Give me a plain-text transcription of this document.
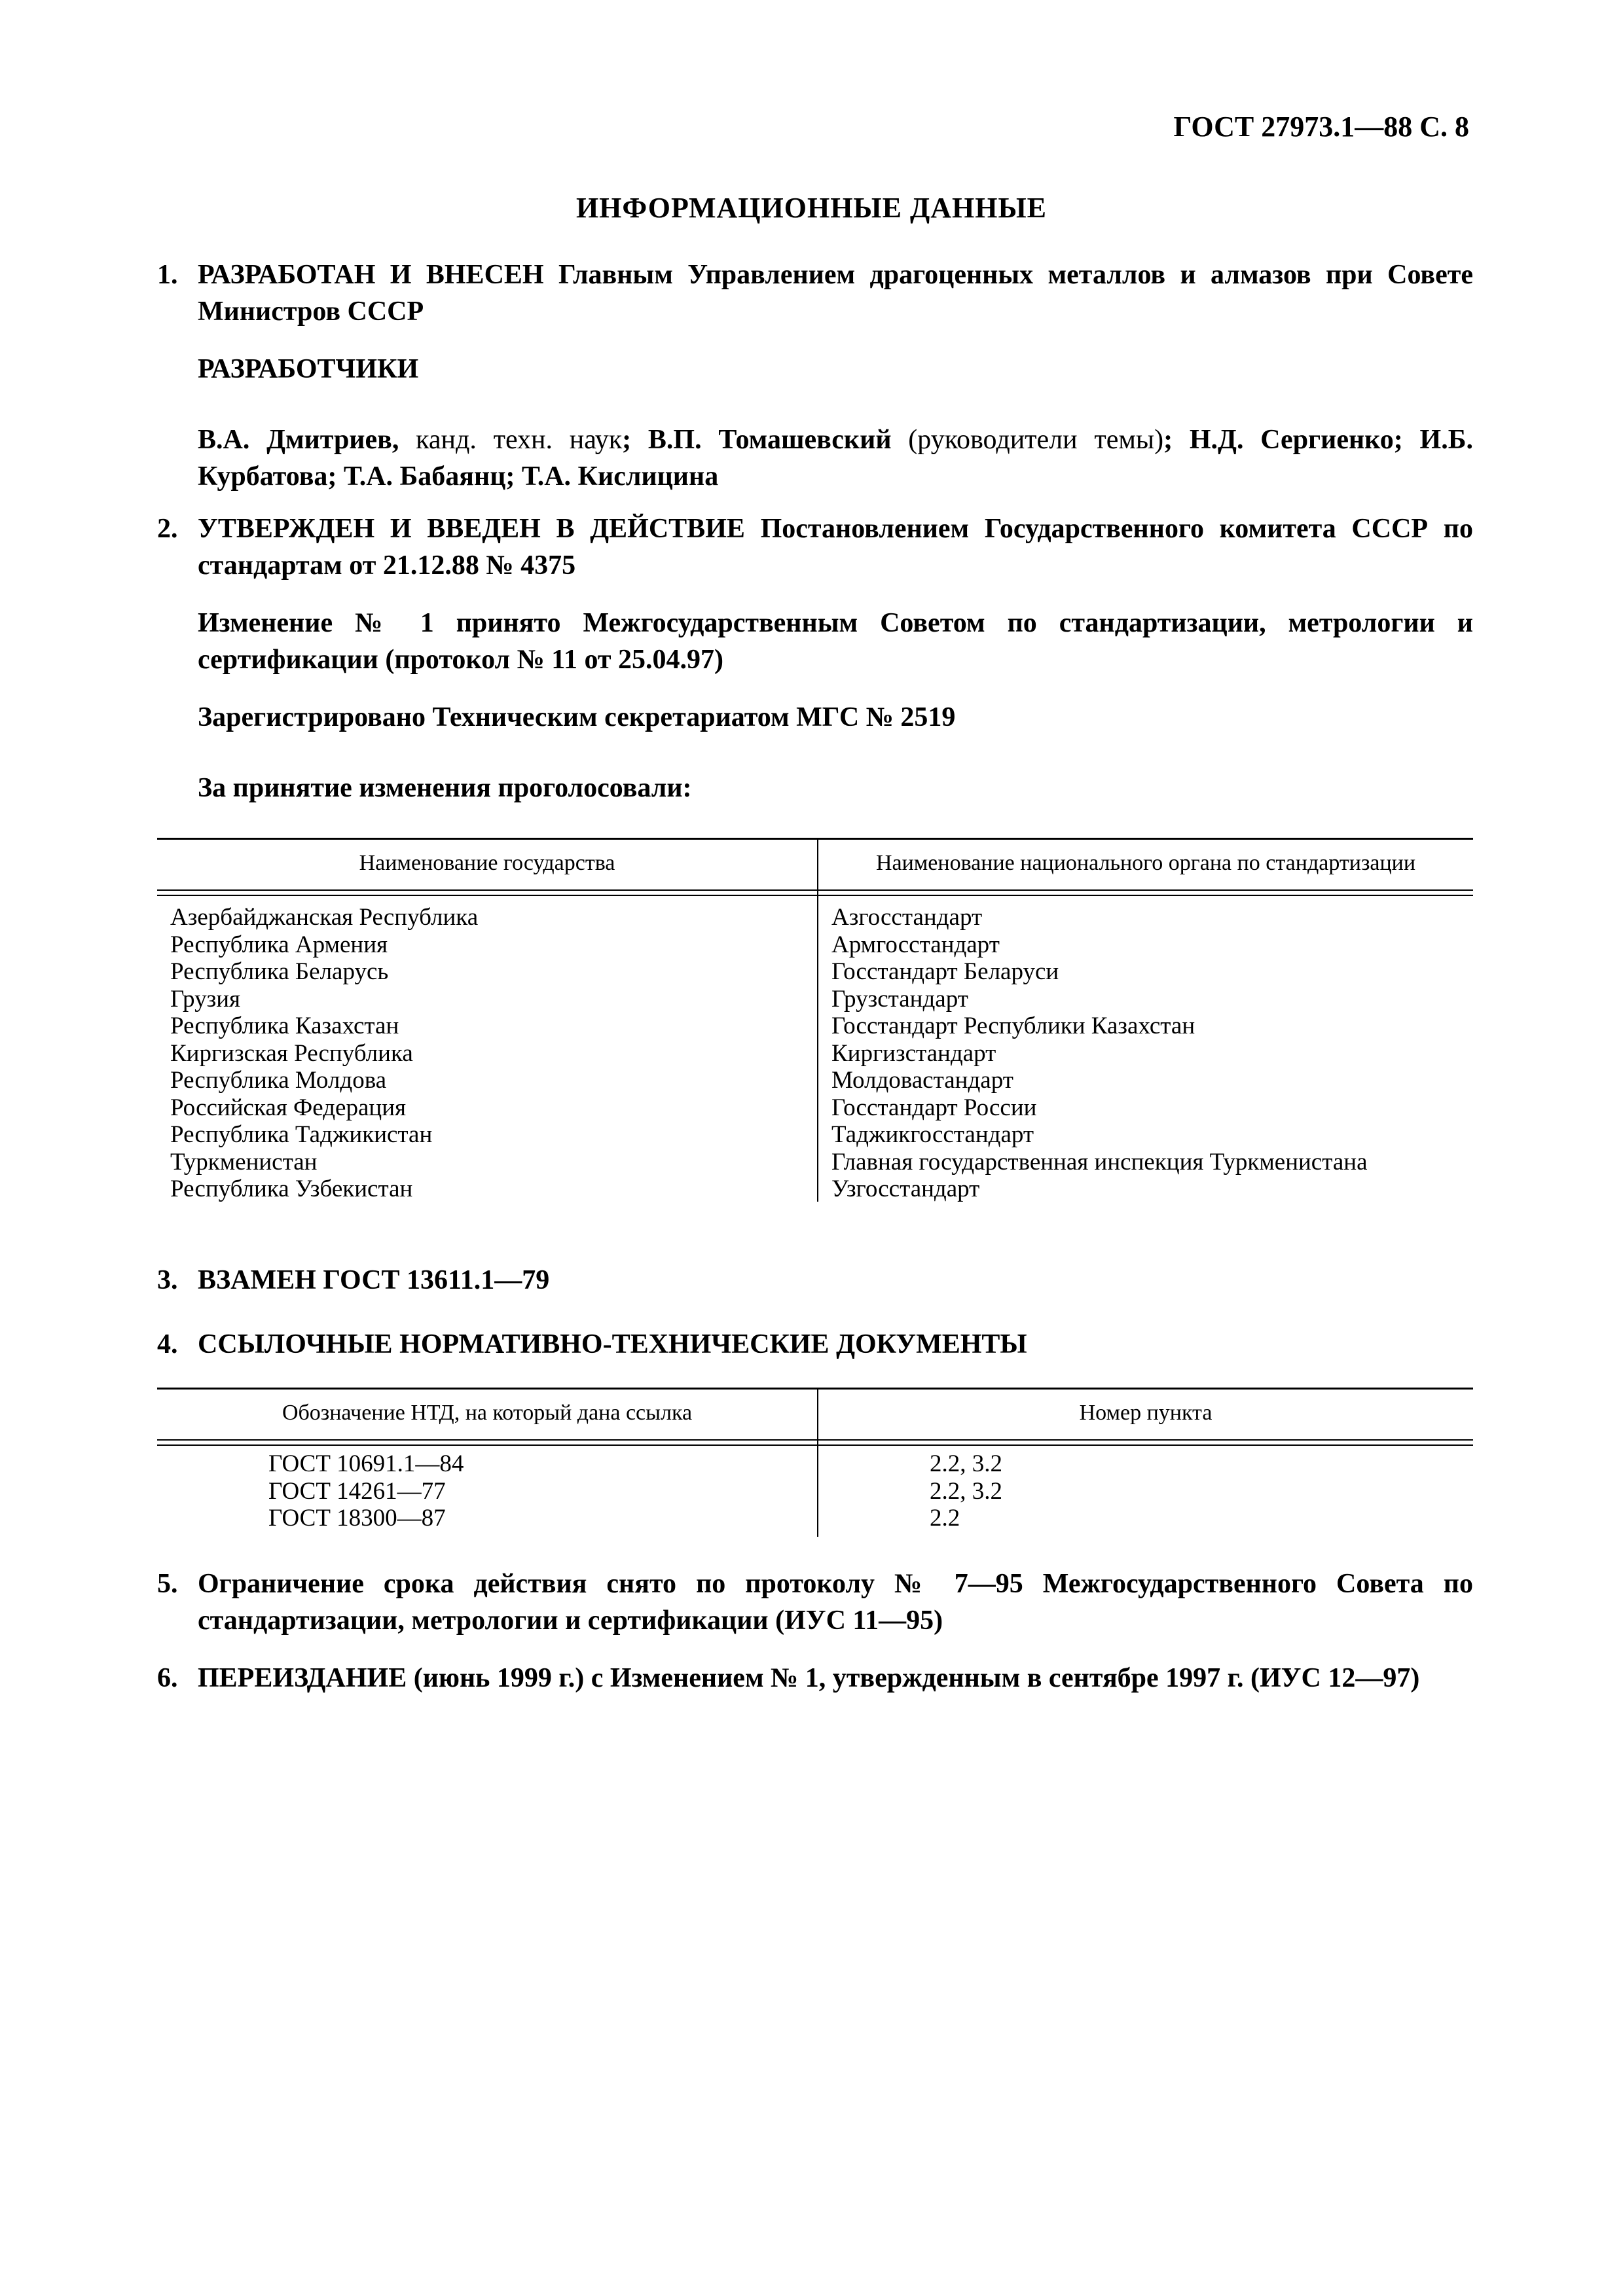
ГОСТ 27973.1—88 С. 8
ИНФОРМАЦИОННЫЕ ДАННЫЕ
1. РАЗРАБОТАН И ВНЕСЕН Главным Управлением драгоценных металлов и алмазов при Совете Министров СССР
РАЗРАБОТЧИКИ
В.А. Дмитриев, канд. техн. наук; В.П. Томашевский (руководители темы); Н.Д. Сергиенко; И.Б. Курбатова; Т.А. Бабаянц; Т.А. Кислицина
2. УТВЕРЖДЕН И ВВЕДЕН В ДЕЙСТВИЕ Постановлением Государственного комитета СССР по стандартам от 21.12.88 № 4375
Изменение № 1 принято Межгосударственным Советом по стандартизации, метрологии и сертификации (протокол № 11 от 25.04.97)
Зарегистрировано Техническим секретариатом МГС № 2519
За принятие изменения проголосовали:
Наименование государства	Наименование национального органа по стандартизации
Азербайджанская Республика
Республика Армения
Республика Беларусь
Грузия
Республика Казахстан
Киргизская Республика
Республика Молдова
Российская Федерация
Республика Таджикистан
Туркменистан
Республика Узбекистан
Азгосстандарт
Армгосстандарт
Госстандарт Беларуси
Грузстандарт
Госстандарт Республики Казахстан
Киргизстандарт
Молдовастандарт
Госстандарт России
Таджикгосстандарт
Главная государственная инспекция Туркменистана
Узгосстандарт
3. ВЗАМЕН ГОСТ 13611.1—79
4. ССЫЛОЧНЫЕ НОРМАТИВНО-ТЕХНИЧЕСКИЕ ДОКУМЕНТЫ
Обозначение НТД, на который дана ссылка	Номер пункта
ГОСТ 10691.1—84
ГОСТ 14261—77
ГОСТ 18300—87
2.2, 3.2
2.2, 3.2
2.2
5. Ограничение срока действия снято по протоколу № 7—95 Межгосударственного Совета по стандартизации, метрологии и сертификации (ИУС 11—95)
6. ПЕРЕИЗДАНИЕ (июнь 1999 г.) с Изменением № 1, утвержденным в сентябре 1997 г. (ИУС 12—97)
